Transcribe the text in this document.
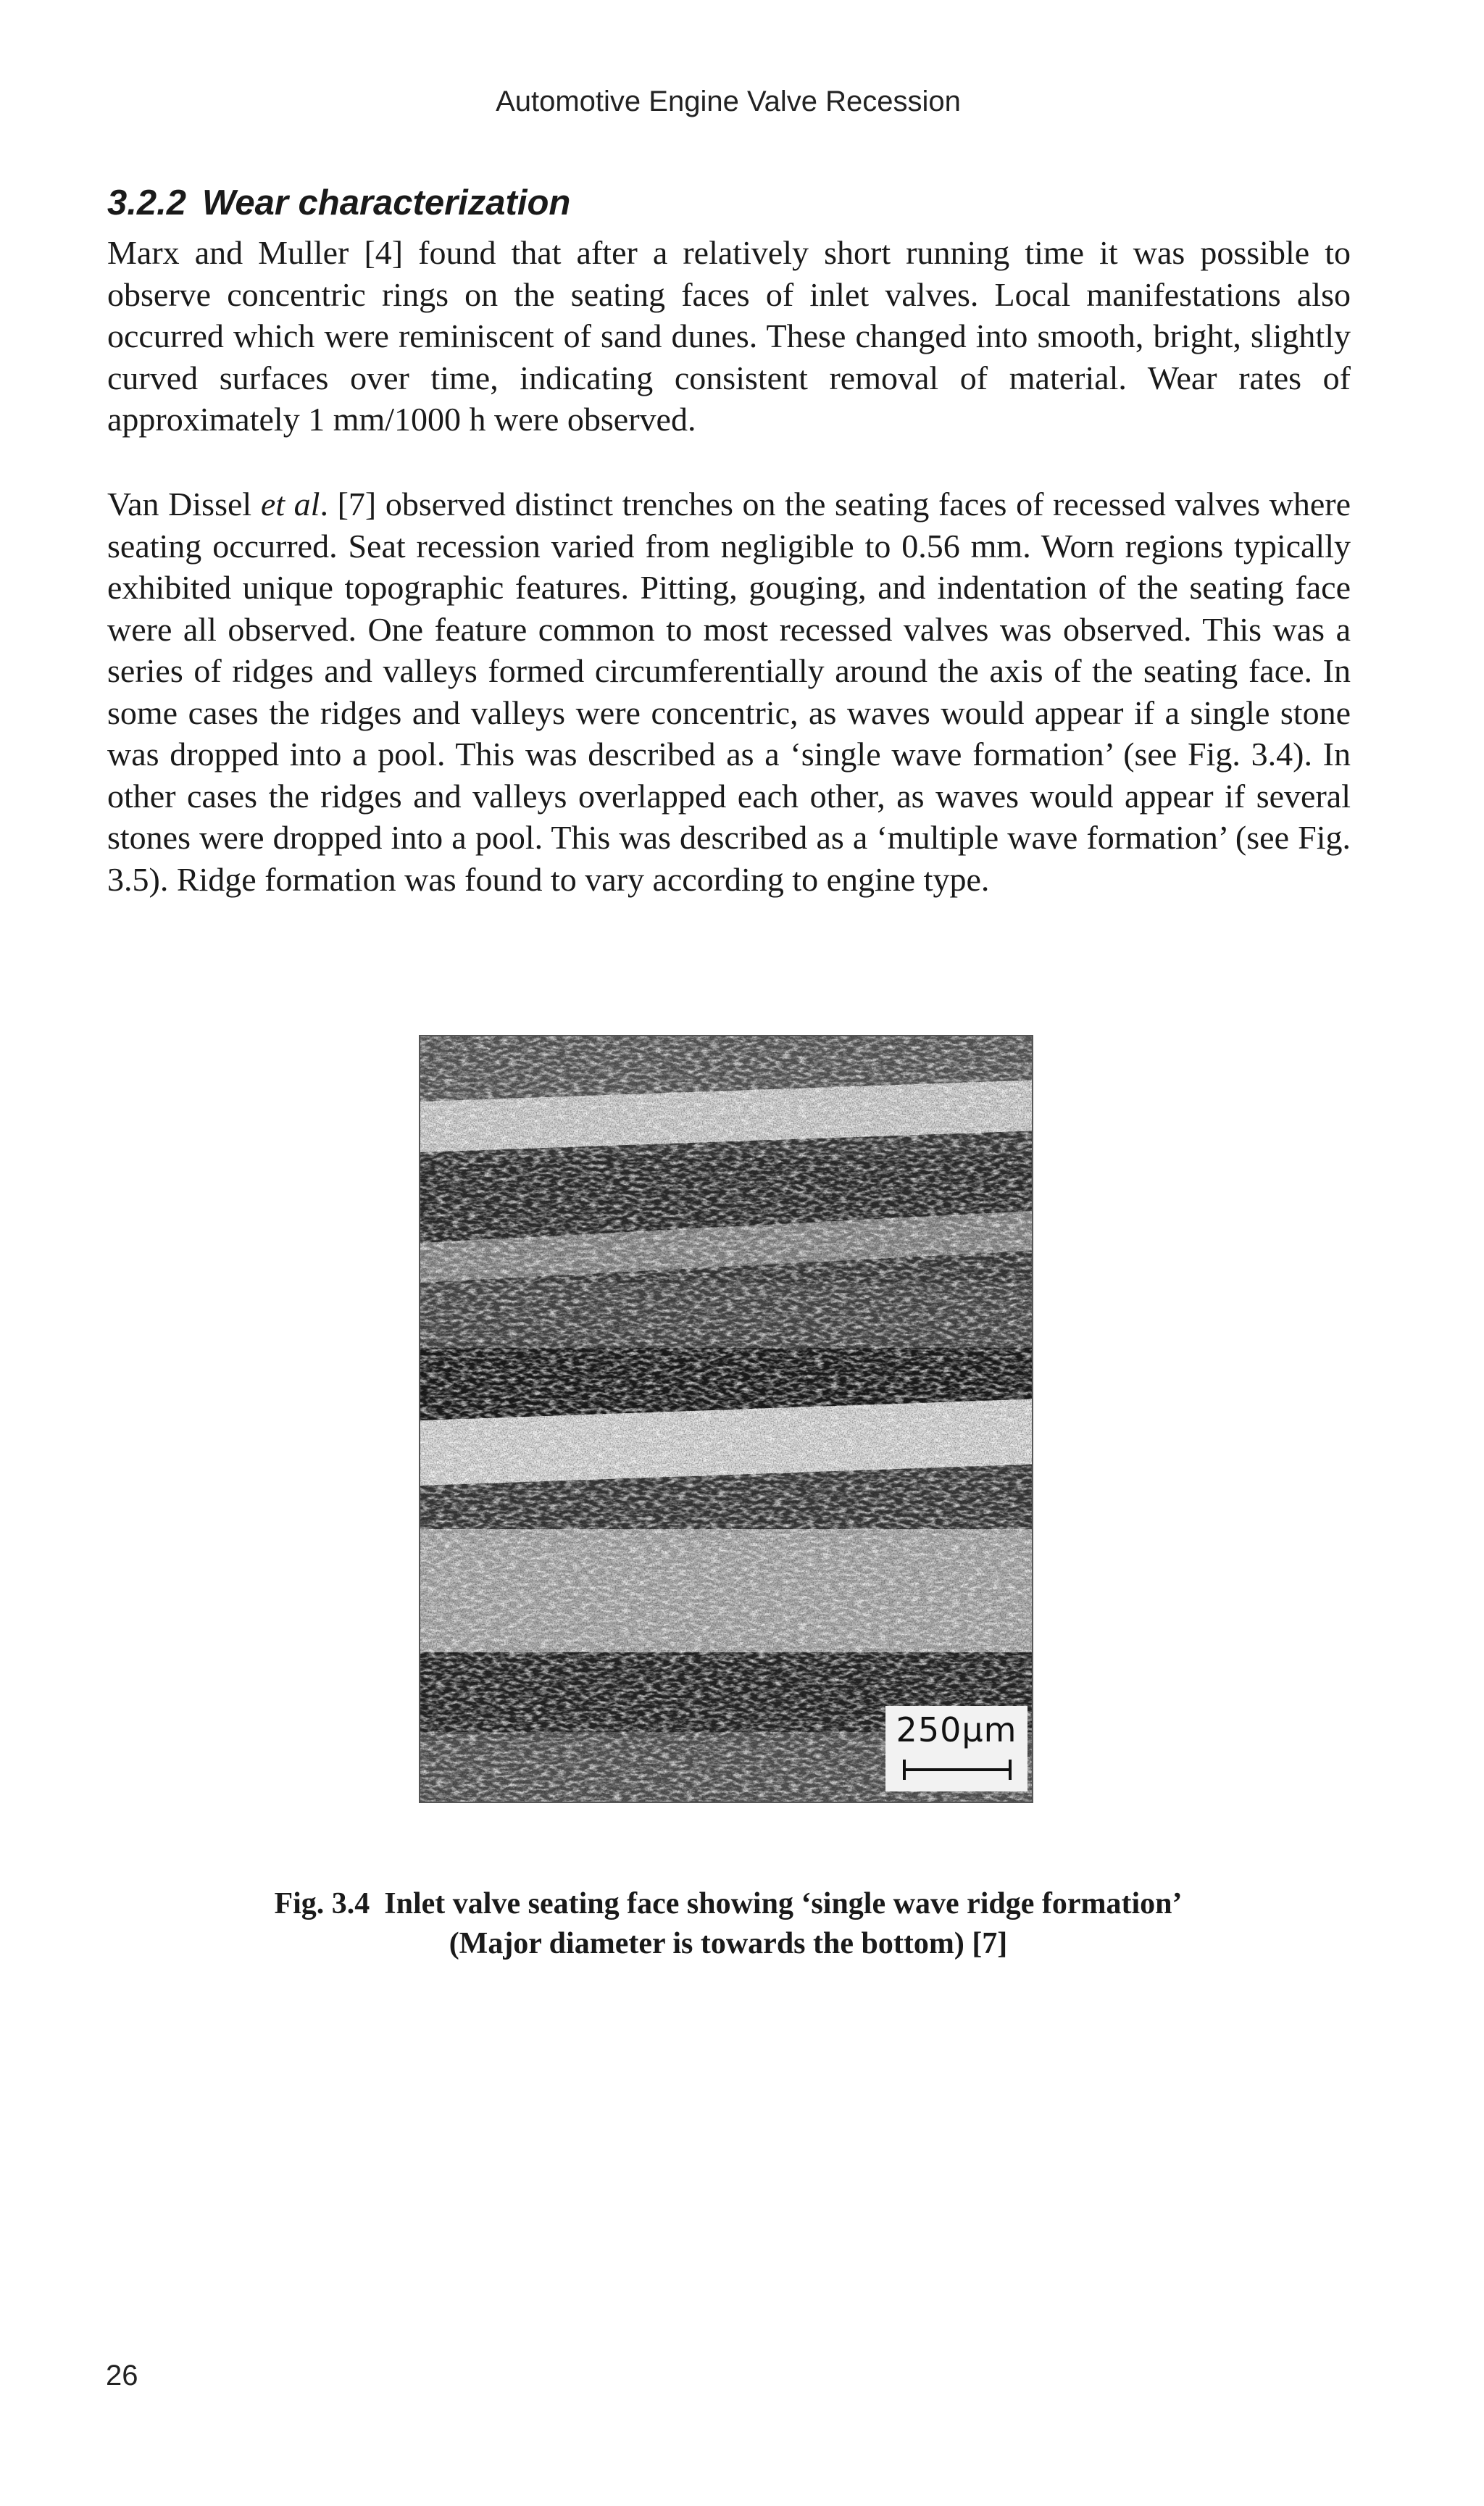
Automotive Engine Valve Recession
3.2.2 Wear characterization

Marx and Muller [4] found that after a relatively short running time it was possible to observe concentric rings on the seating faces of inlet valves. Local manifestations also occurred which were reminiscent of sand dunes. These changed into smooth, bright, slightly curved surfaces over time, indicating consistent removal of material. Wear rates of approximately 1 mm/1000 h were observed.

Van Dissel et al. [7] observed distinct trenches on the seating faces of recessed valves where seating occurred. Seat recession varied from negligible to 0.56 mm. Worn regions typically exhibited unique topographic features. Pitting, gouging, and indentation of the seating face were all observed. One feature common to most recessed valves was observed. This was a series of ridges and valleys formed circumferentially around the axis of the seating face. In some cases the ridges and valleys were concentric, as waves would appear if a single stone was dropped into a pool. This was described as a ‘single wave formation’ (see Fig. 3.4). In other cases the ridges and valleys overlapped each other, as waves would appear if several stones were dropped into a pool. This was described as a ‘multiple wave formation’ (see Fig. 3.5). Ridge formation was found to vary according to engine type.

250μm
Fig. 3.4 Inlet valve seating face showing ‘single wave ridge formation’
(Major diameter is towards the bottom) [7]
26
